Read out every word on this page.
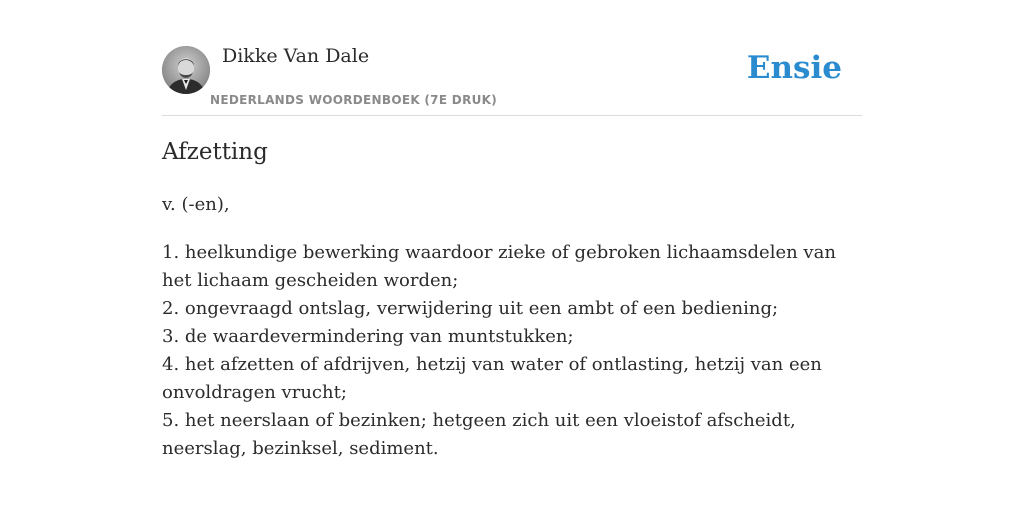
Dikke Van Dale
NEDERLANDS WOORDENBOEK (7E DRUK)
Ensie
Afzetting
v. (-en),
1. heelkundige bewerking waardoor zieke of gebroken lichaamsdelen van het lichaam gescheiden worden;
2. ongevraagd ontslag, verwijdering uit een ambt of een bediening;
3. de waardevermindering van muntstukken;
4. het afzetten of afdrijven, hetzij van water of ontlasting, hetzij van een onvoldragen vrucht;
5. het neerslaan of bezinken; hetgeen zich uit een vloeistof afscheidt, neerslag, bezinksel, sediment.
